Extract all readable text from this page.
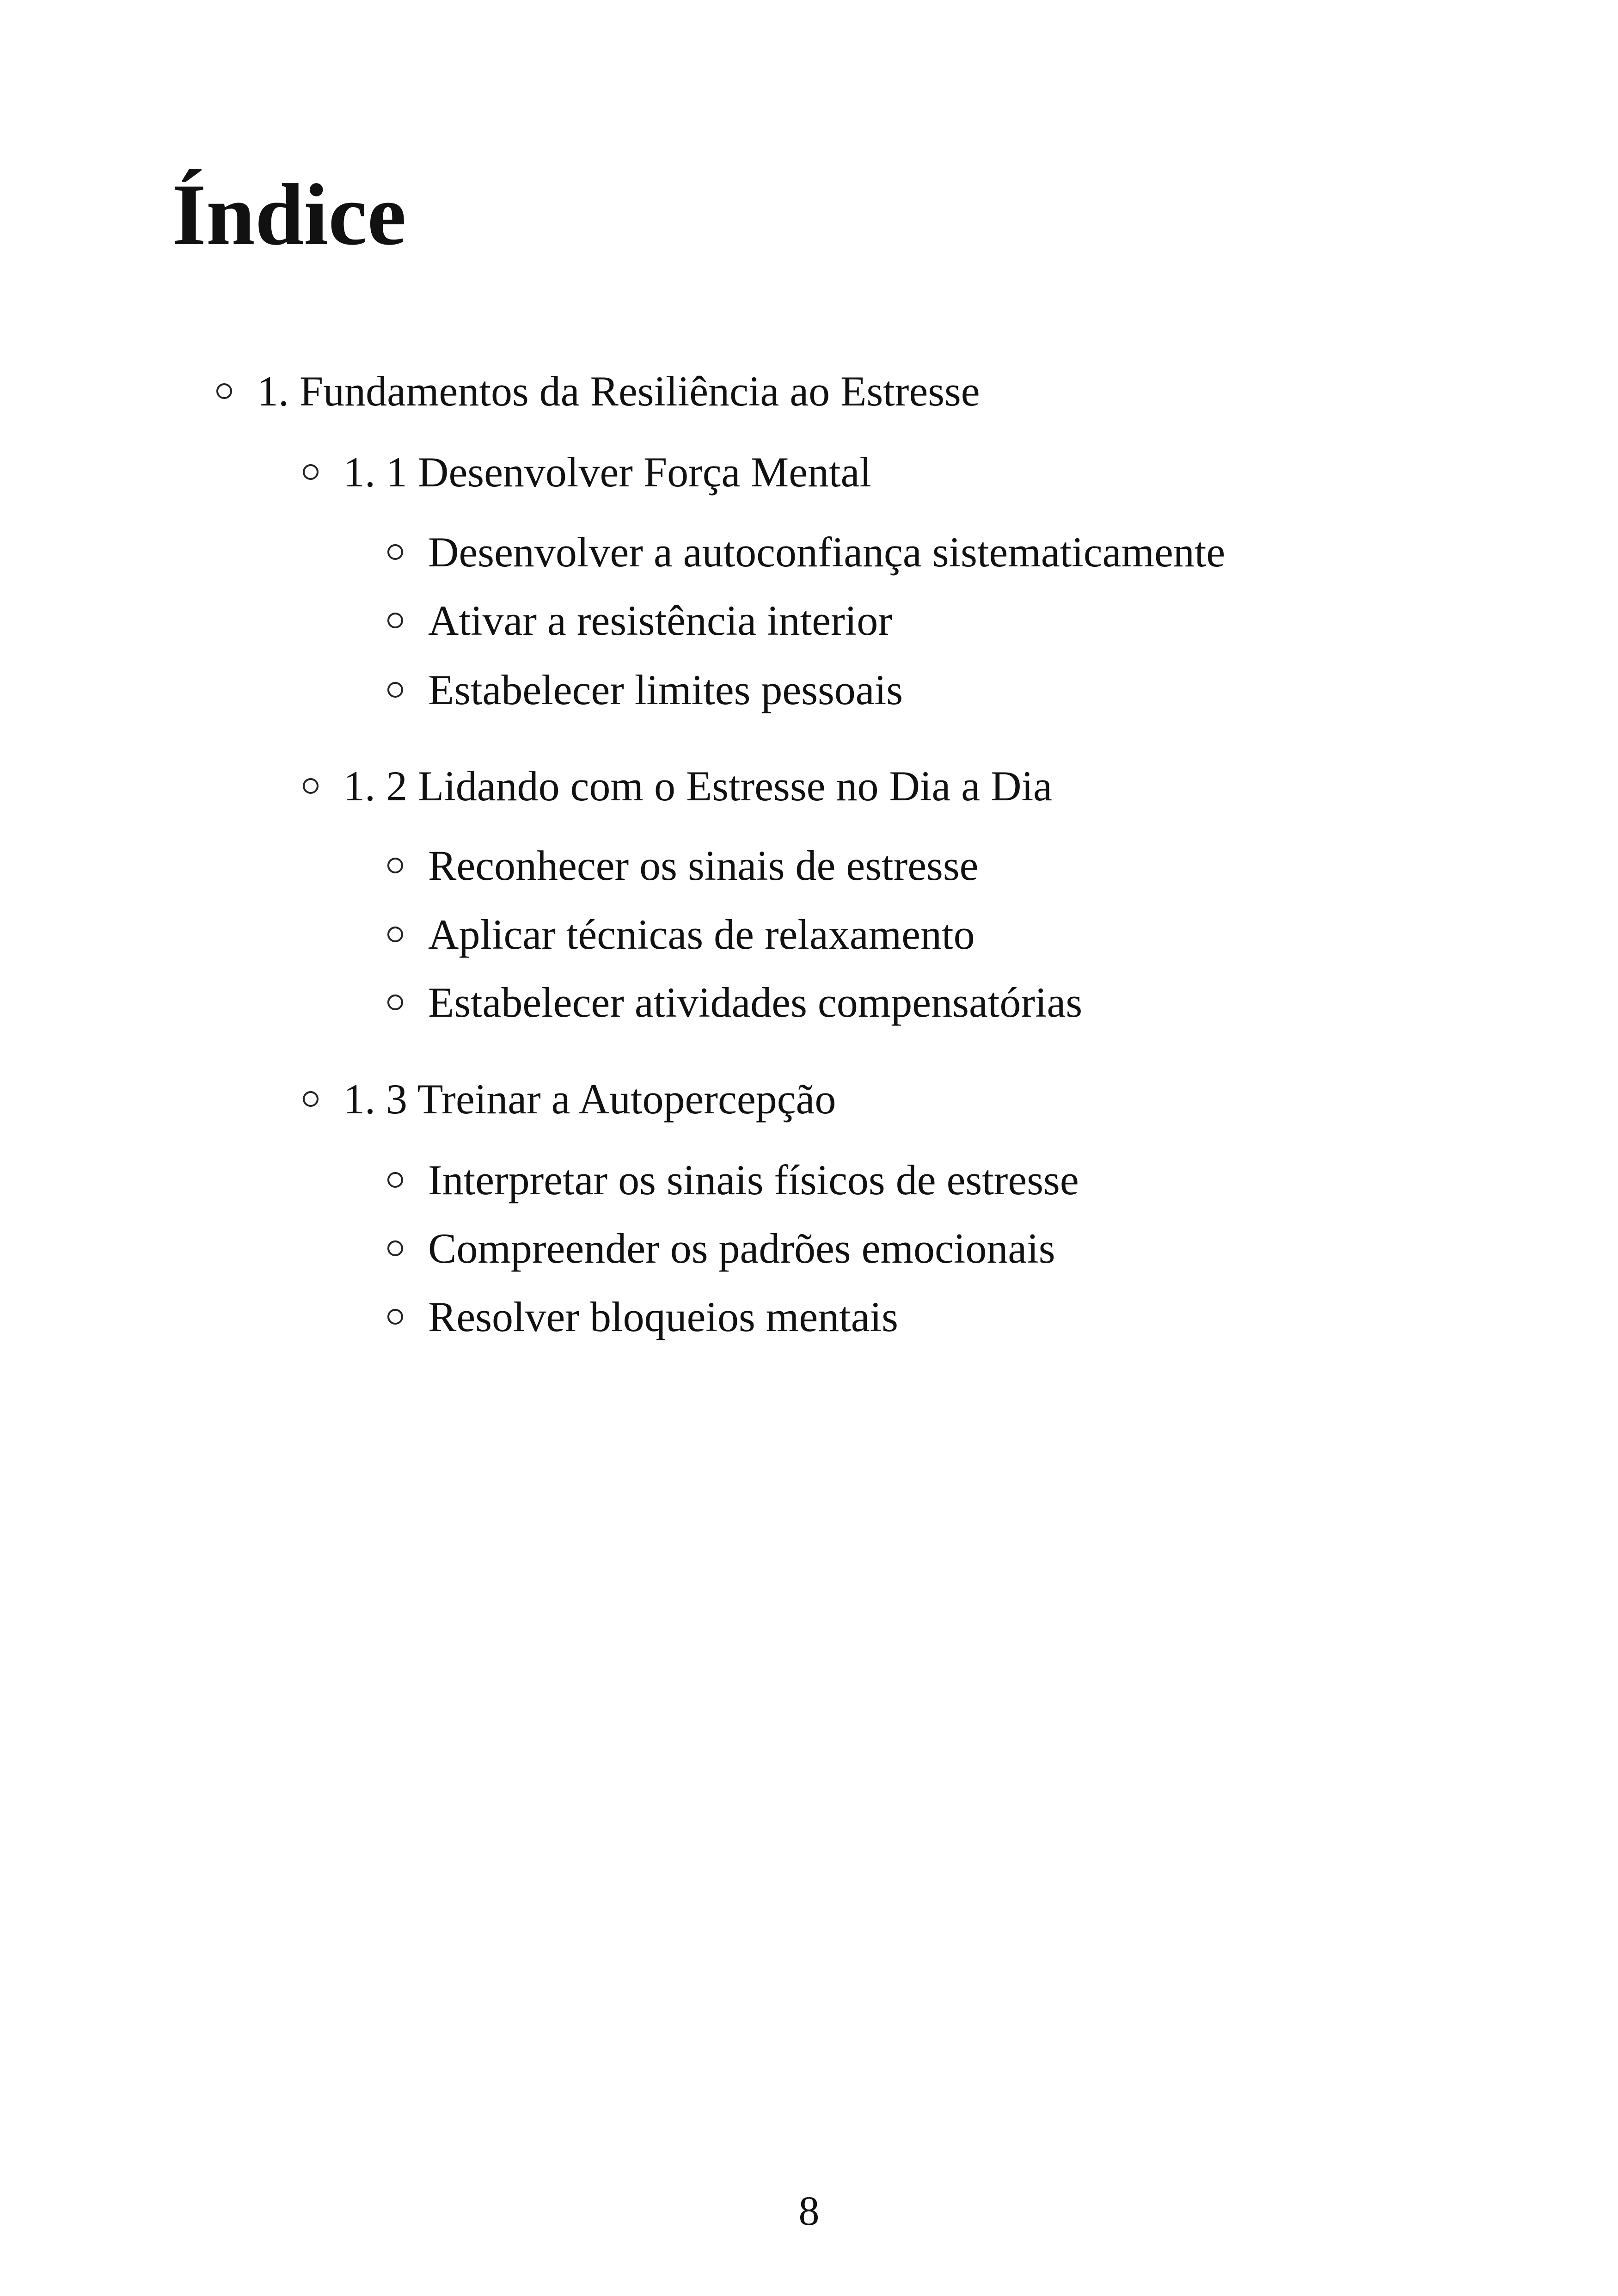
Índice
1. Fundamentos da Resiliência ao Estresse
1. 1 Desenvolver Força Mental
Desenvolver a autoconfiança sistematicamente
Ativar a resistência interior
Estabelecer limites pessoais
1. 2 Lidando com o Estresse no Dia a Dia
Reconhecer os sinais de estresse
Aplicar técnicas de relaxamento
Estabelecer atividades compensatórias
1. 3 Treinar a Autopercepção
Interpretar os sinais físicos de estresse
Compreender os padrões emocionais
Resolver bloqueios mentais
8
